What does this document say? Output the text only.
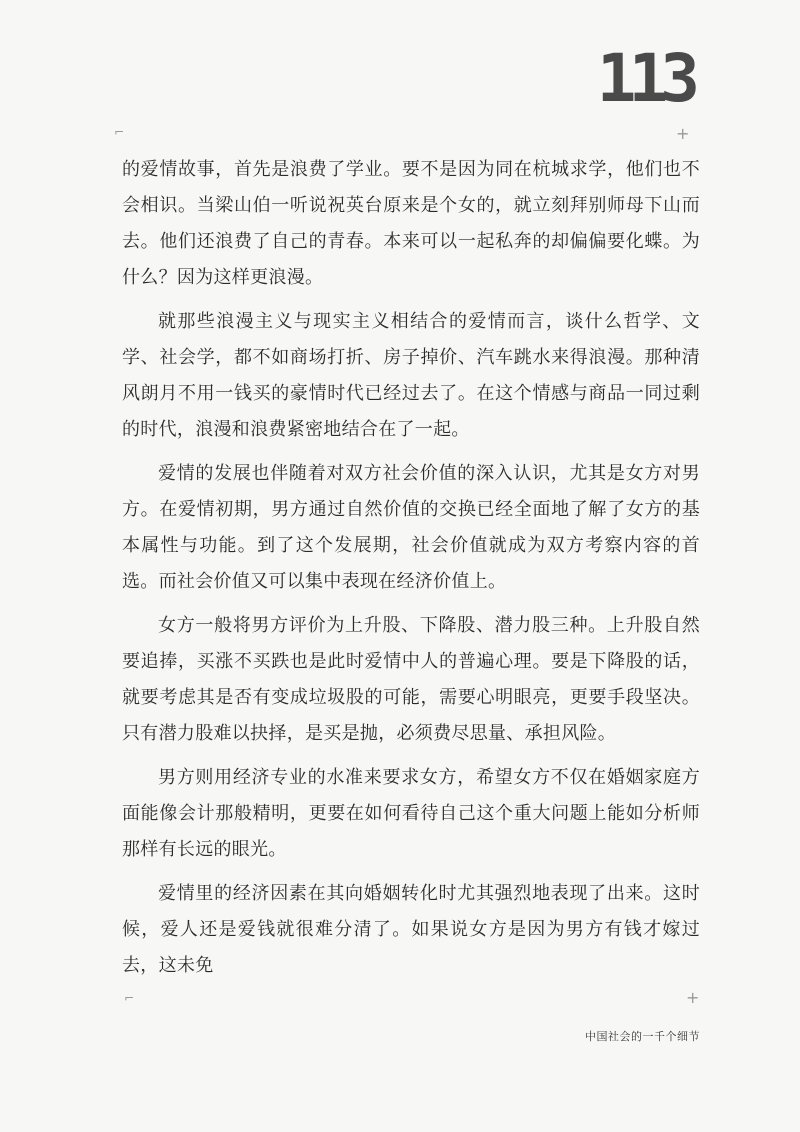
113
⌐	+

的爱情故事，首先是浪费了学业。要不是因为同在杭城求学，他们也不会相识。当梁山伯一听说祝英台原来是个女的，就立刻拜别师母下山而去。他们还浪费了自己的青春。本来可以一起私奔的却偏偏要化蝶。为什么？因为这样更浪漫。

就那些浪漫主义与现实主义相结合的爱情而言，谈什么哲学、文学、社会学，都不如商场打折、房子掉价、汽车跳水来得浪漫。那种清风朗月不用一钱买的豪情时代已经过去了。在这个情感与商品一同过剩的时代，浪漫和浪费紧密地结合在了一起。

爱情的发展也伴随着对双方社会价值的深入认识，尤其是女方对男方。在爱情初期，男方通过自然价值的交换已经全面地了解了女方的基本属性与功能。到了这个发展期，社会价值就成为双方考察内容的首选。而社会价值又可以集中表现在经济价值上。

女方一般将男方评价为上升股、下降股、潜力股三种。上升股自然要追捧，买涨不买跌也是此时爱情中人的普遍心理。要是下降股的话，就要考虑其是否有变成垃圾股的可能，需要心明眼亮，更要手段坚决。只有潜力股难以抉择，是买是抛，必须费尽思量、承担风险。

男方则用经济专业的水准来要求女方，希望女方不仅在婚姻家庭方面能像会计那般精明，更要在如何看待自己这个重大问题上能如分析师那样有长远的眼光。

爱情里的经济因素在其向婚姻转化时尤其强烈地表现了出来。这时候，爱人还是爱钱就很难分清了。如果说女方是因为男方有钱才嫁过去，这未免

⌐	+
中国社会的一千个细节
